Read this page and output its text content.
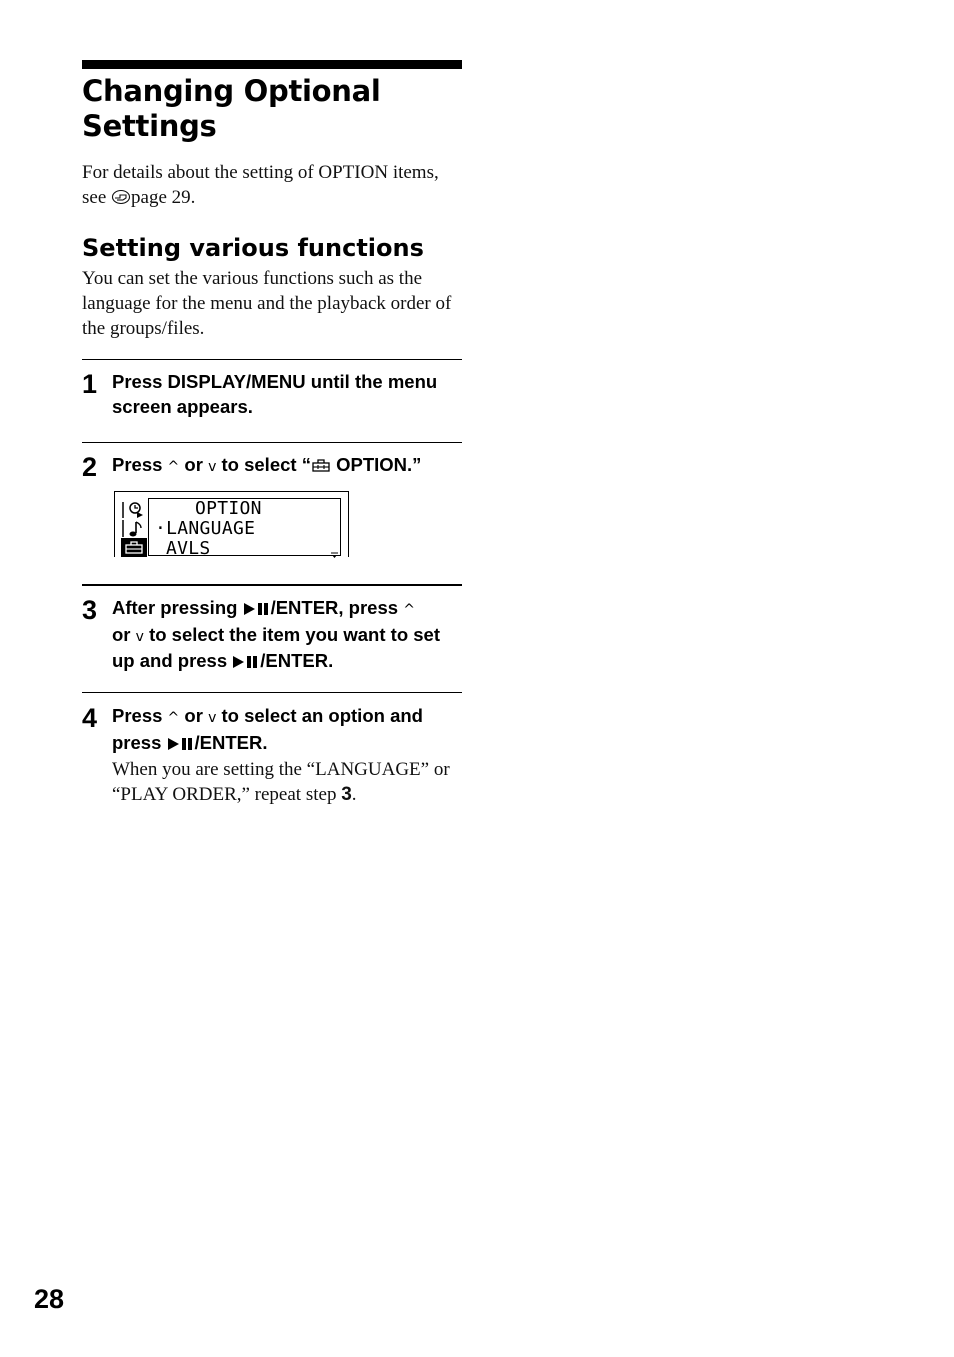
Changing Optional Settings

For details about the setting of OPTION items, see page 29.

Setting various functions

You can set the various functions such as the language for the menu and the playback order of the groups/files.

1 Press DISPLAY/MENU until the menu screen appears.
2 Press ^ or v to select “ OPTION.”
OPTION
·LANGUAGE
AVLS
3 After pressing /ENTER, press ^
or v to select the item you want to set up and press /ENTER.
4 Press ^ or v to select an option and press /ENTER.

When you are setting the “LANGUAGE” or “PLAY ORDER,” repeat step 3.

28
